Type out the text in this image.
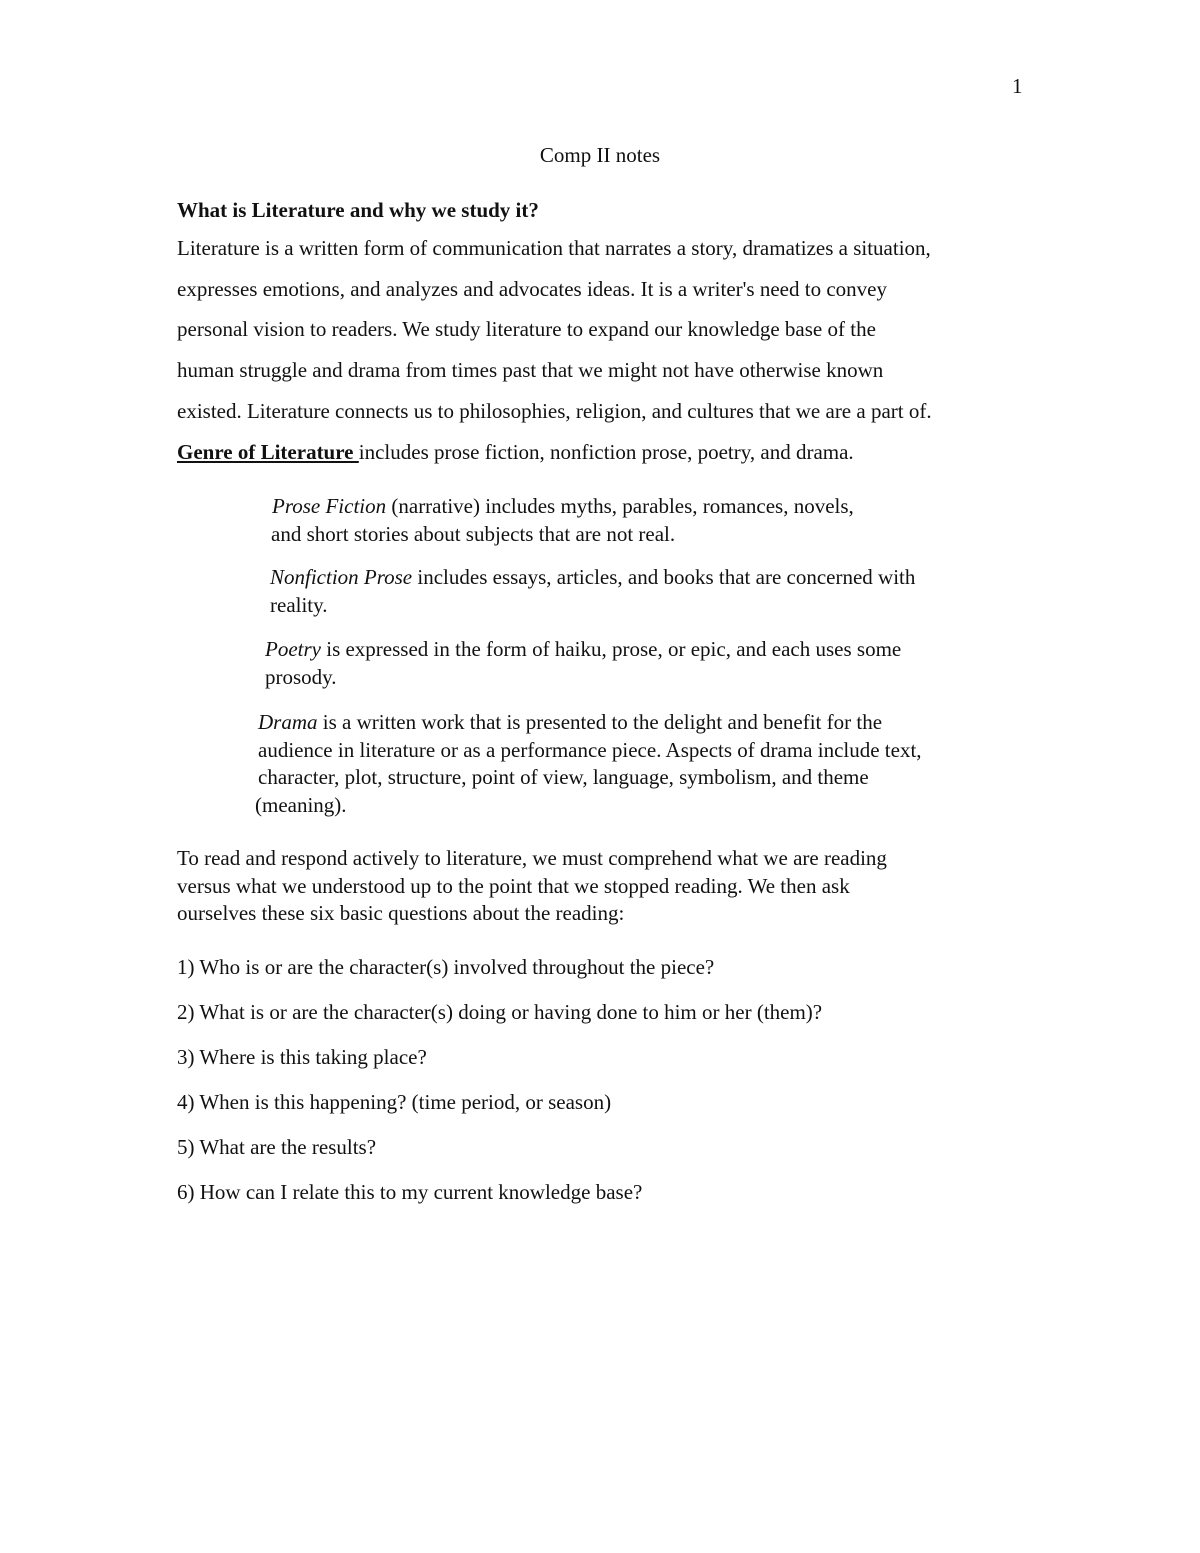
1
Comp II notes
What is Literature and why we study it?

Literature is a written form of communication that narrates a story, dramatizes a situation,
expresses emotions, and analyzes and advocates ideas. It is a writer's need to convey
personal vision to readers. We study literature to expand our knowledge base of the
human struggle and drama from times past that we might not have otherwise known
existed. Literature connects us to philosophies, religion, and cultures that we are a part of.

Genre of Literature includes prose fiction, nonfiction prose, poetry, and drama.

Prose Fiction (narrative) includes myths, parables, romances, novels,
and short stories about subjects that are not real.

Nonfiction Prose includes essays, articles, and books that are concerned with
reality.

Poetry is expressed in the form of haiku, prose, or epic, and each uses some
prosody.

Drama is a written work that is presented to the delight and benefit for the
audience in literature or as a performance piece. Aspects of drama include text,
character, plot, structure, point of view, language, symbolism, and theme
(meaning).

To read and respond actively to literature, we must comprehend what we are reading
versus what we understood up to the point that we stopped reading. We then ask
ourselves these six basic questions about the reading:

1) Who is or are the character(s) involved throughout the piece?
2) What is or are the character(s) doing or having done to him or her (them)?
3) Where is this taking place?
4) When is this happening? (time period, or season)
5) What are the results?
6) How can I relate this to my current knowledge base?
